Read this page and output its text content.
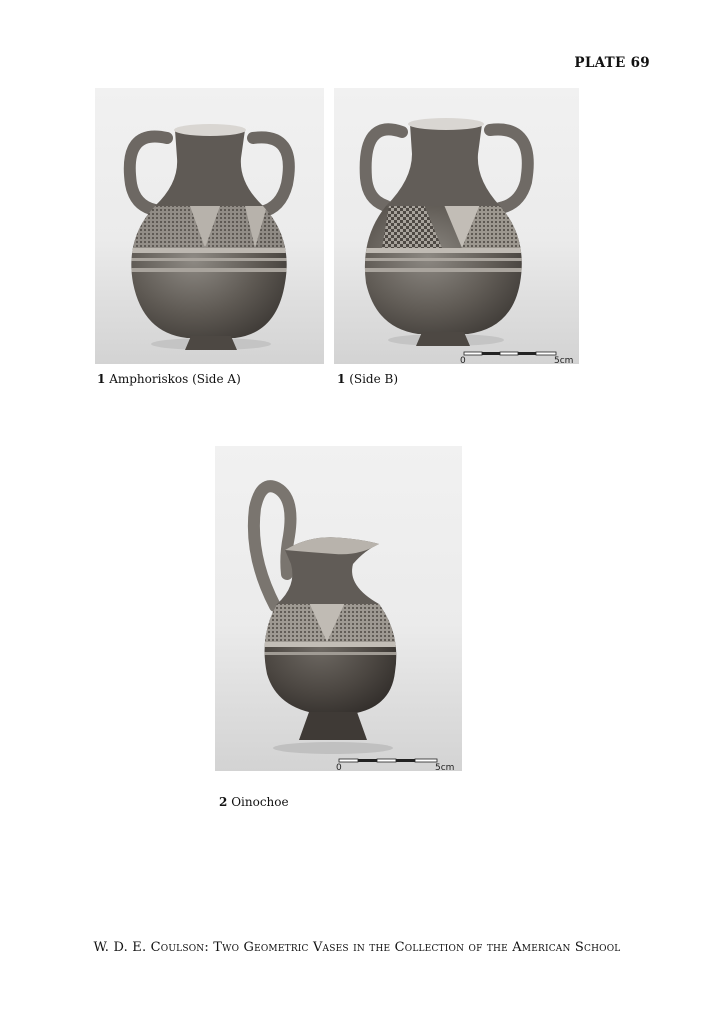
PLATE 69
0	5cm
0	5cm
1 Amphoriskos (Side A)	1 (Side B)
2 Oinochoe
W. D. E. Coulson: Two Geometric Vases in the Collection of the American School
